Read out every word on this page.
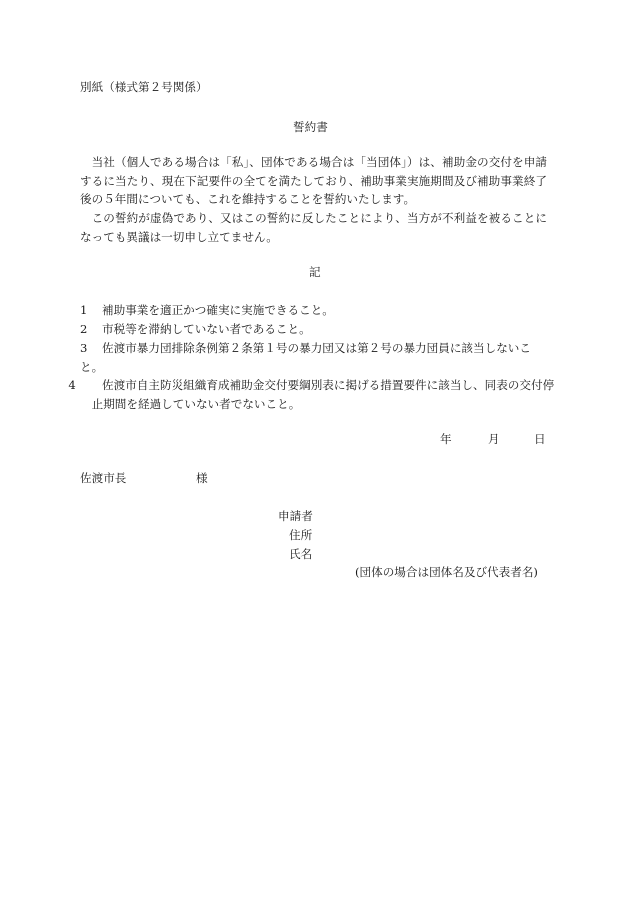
別紙（様式第２号関係）
誓約書
当社（個人である場合は「私」、団体である場合は「当団体」）は、補助金の交付を申請するに当たり、現在下記要件の全てを満たしており、補助事業実施期間及び補助事業終了後の５年間についても、これを維持することを誓約いたします。
この誓約が虚偽であり、又はこの誓約に反したことにより、当方が不利益を被ることになっても異議は一切申し立てません。
記
1 補助事業を適正かつ確実に実施できること。
2 市税等を滞納していない者であること。
3 佐渡市暴力団排除条例第２条第１号の暴力団又は第２号の暴力団員に該当しないこと。
4 佐渡市自主防災組織育成補助金交付要綱別表に掲げる措置要件に該当し、同表の交付停止期間を経過していない者でないこと。
年	月	日
佐渡市長	様
申請者
住所
氏名
(団体の場合は団体名及び代表者名)
